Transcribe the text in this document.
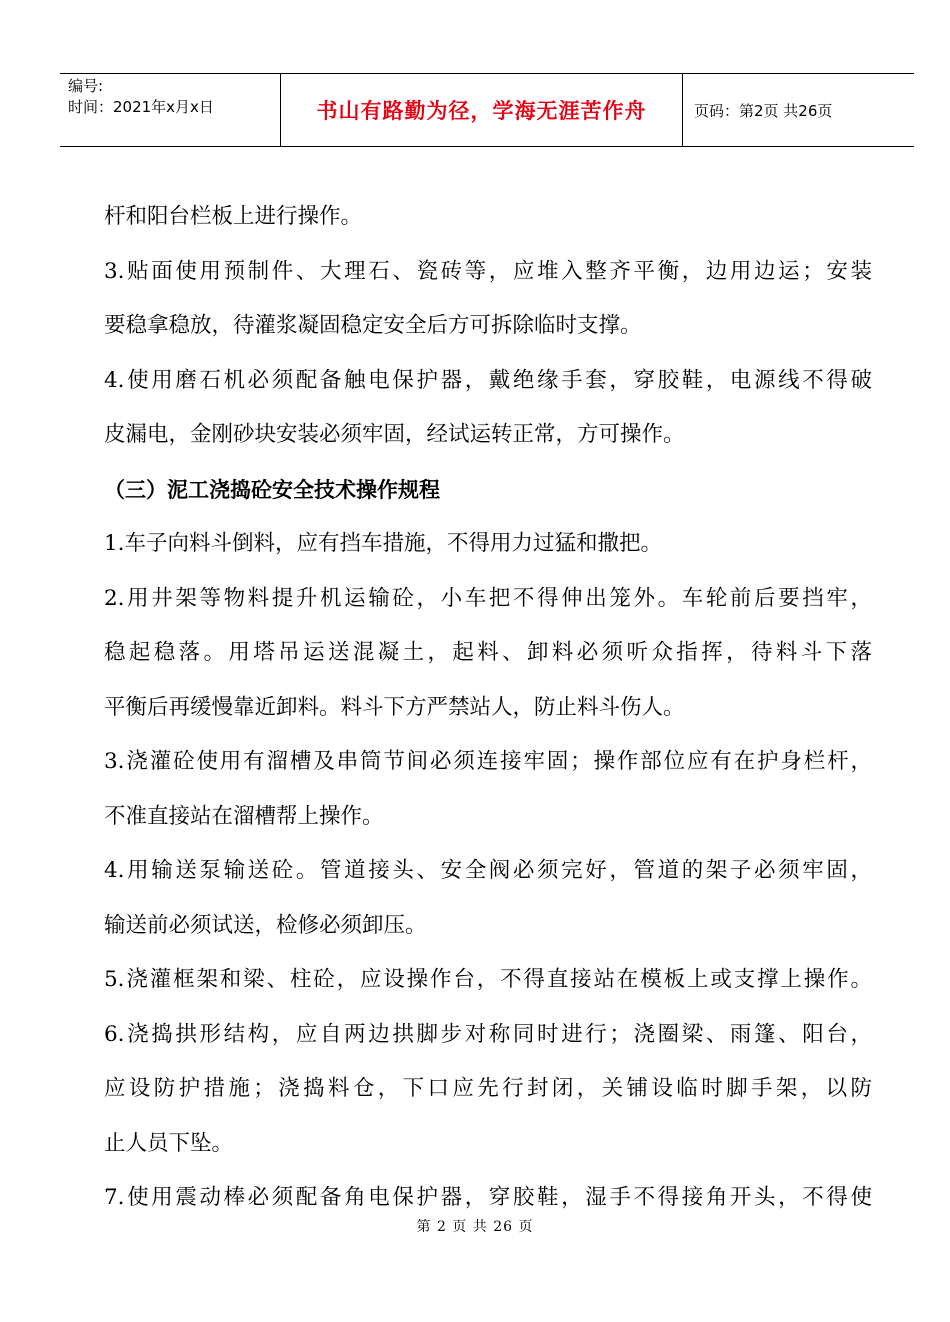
编号:
时间：2021年x月x日	书山有路勤为径，学海无涯苦作舟	页码：第2页 共26页
杆和阳台栏板上进行操作。
3.贴面使用预制件、大理石、瓷砖等，应堆入整齐平衡，边用边运；安装
要稳拿稳放，待灌浆凝固稳定安全后方可拆除临时支撑。
4.使用磨石机必须配备触电保护器，戴绝缘手套，穿胶鞋，电源线不得破
皮漏电，金刚砂块安装必须牢固，经试运转正常，方可操作。
（三）泥工浇捣砼安全技术操作规程
1.车子向料斗倒料，应有挡车措施，不得用力过猛和撒把。
2.用井架等物料提升机运输砼，小车把不得伸出笼外。车轮前后要挡牢，
稳起稳落。用塔吊运送混凝土，起料、卸料必须听众指挥，待料斗下落
平衡后再缓慢靠近卸料。料斗下方严禁站人，防止料斗伤人。
3.浇灌砼使用有溜槽及串筒节间必须连接牢固；操作部位应有在护身栏杆，
不准直接站在溜槽帮上操作。
4.用输送泵输送砼。管道接头、安全阀必须完好，管道的架子必须牢固，
输送前必须试送，检修必须卸压。
5.浇灌框架和梁、柱砼，应设操作台，不得直接站在模板上或支撑上操作。
6.浇捣拱形结构，应自两边拱脚步对称同时进行；浇圈梁、雨篷、阳台，
应设防护措施；浇捣料仓，下口应先行封闭，关铺设临时脚手架，以防
止人员下坠。
7.使用震动棒必须配备角电保护器，穿胶鞋，湿手不得接角开头，不得使
第 2 页 共 26 页
